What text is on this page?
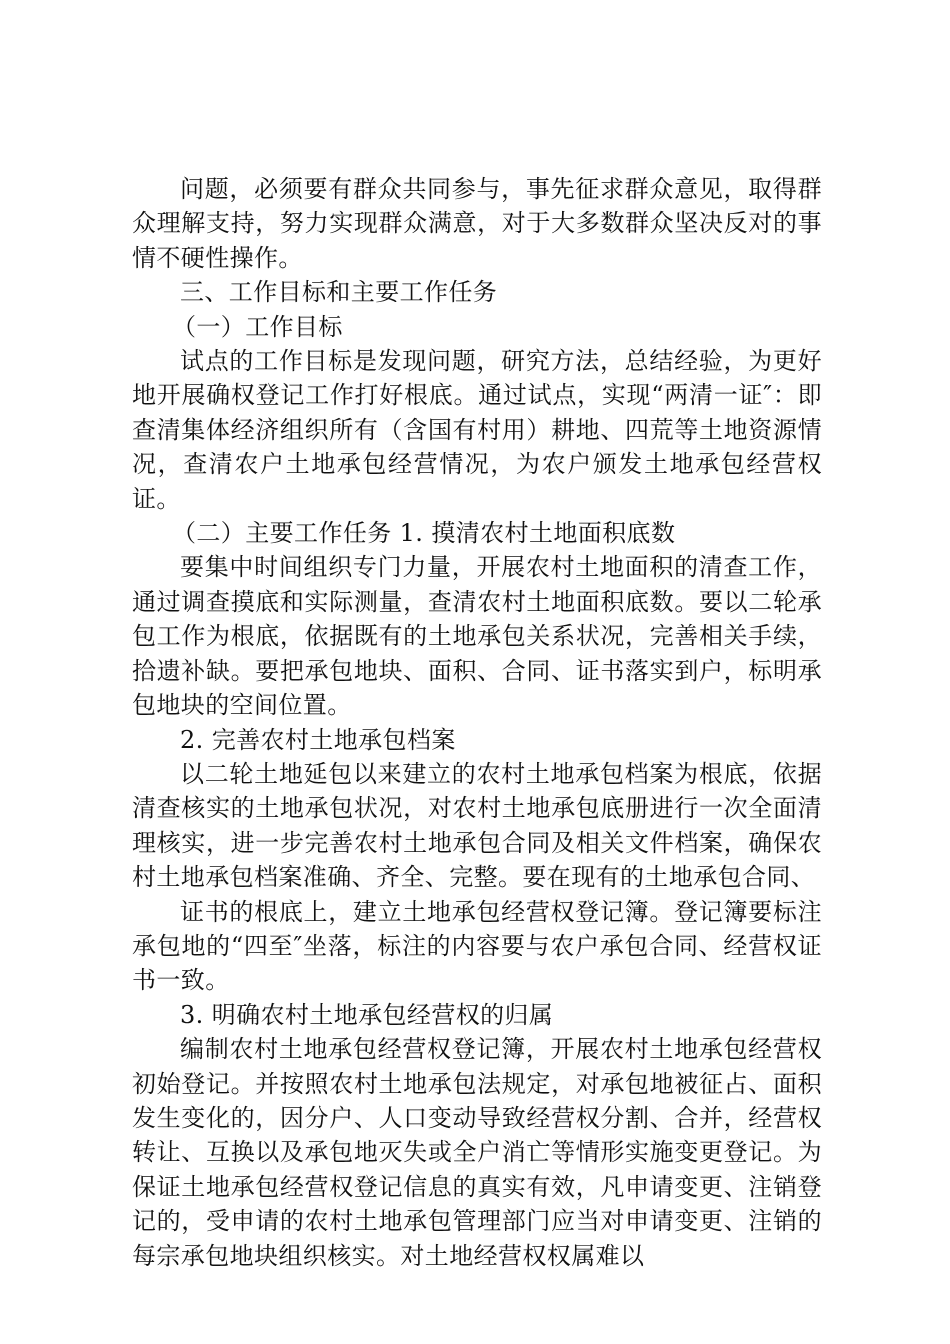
问题，必须要有群众共同参与，事先征求群众意见，取得群众理解支持，努力实现群众满意，对于大多数群众坚决反对的事情不硬性操作。

三、工作目标和主要工作任务

（一）工作目标

试点的工作目标是发现问题，研究方法，总结经验，为更好地开展确权登记工作打好根底。通过试点，实现“两清一证″：即查清集体经济组织所有（含国有村用）耕地、四荒等土地资源情况，查清农户土地承包经营情况，为农户颁发土地承包经营权证。

（二）主要工作任务 1. 摸清农村土地面积底数

要集中时间组织专门力量，开展农村土地面积的清查工作，通过调查摸底和实际测量，查清农村土地面积底数。要以二轮承包工作为根底，依据既有的土地承包关系状况，完善相关手续，拾遗补缺。要把承包地块、面积、合同、证书落实到户，标明承包地块的空间位置。

2. 完善农村土地承包档案

以二轮土地延包以来建立的农村土地承包档案为根底，依据清查核实的土地承包状况，对农村土地承包底册进行一次全面清理核实，进一步完善农村土地承包合同及相关文件档案，确保农村土地承包档案准确、齐全、完整。要在现有的土地承包合同、

证书的根底上，建立土地承包经营权登记簿。登记簿要标注承包地的“四至″坐落，标注的内容要与农户承包合同、经营权证书一致。

3. 明确农村土地承包经营权的归属

编制农村土地承包经营权登记簿，开展农村土地承包经营权初始登记。并按照农村土地承包法规定，对承包地被征占、面积发生变化的，因分户、人口变动导致经营权分割、合并，经营权转让、互换以及承包地灭失或全户消亡等情形实施变更登记。为保证土地承包经营权登记信息的真实有效，凡申请变更、注销登记的，受申请的农村土地承包管理部门应当对申请变更、注销的每宗承包地块组织核实。对土地经营权权属难以
